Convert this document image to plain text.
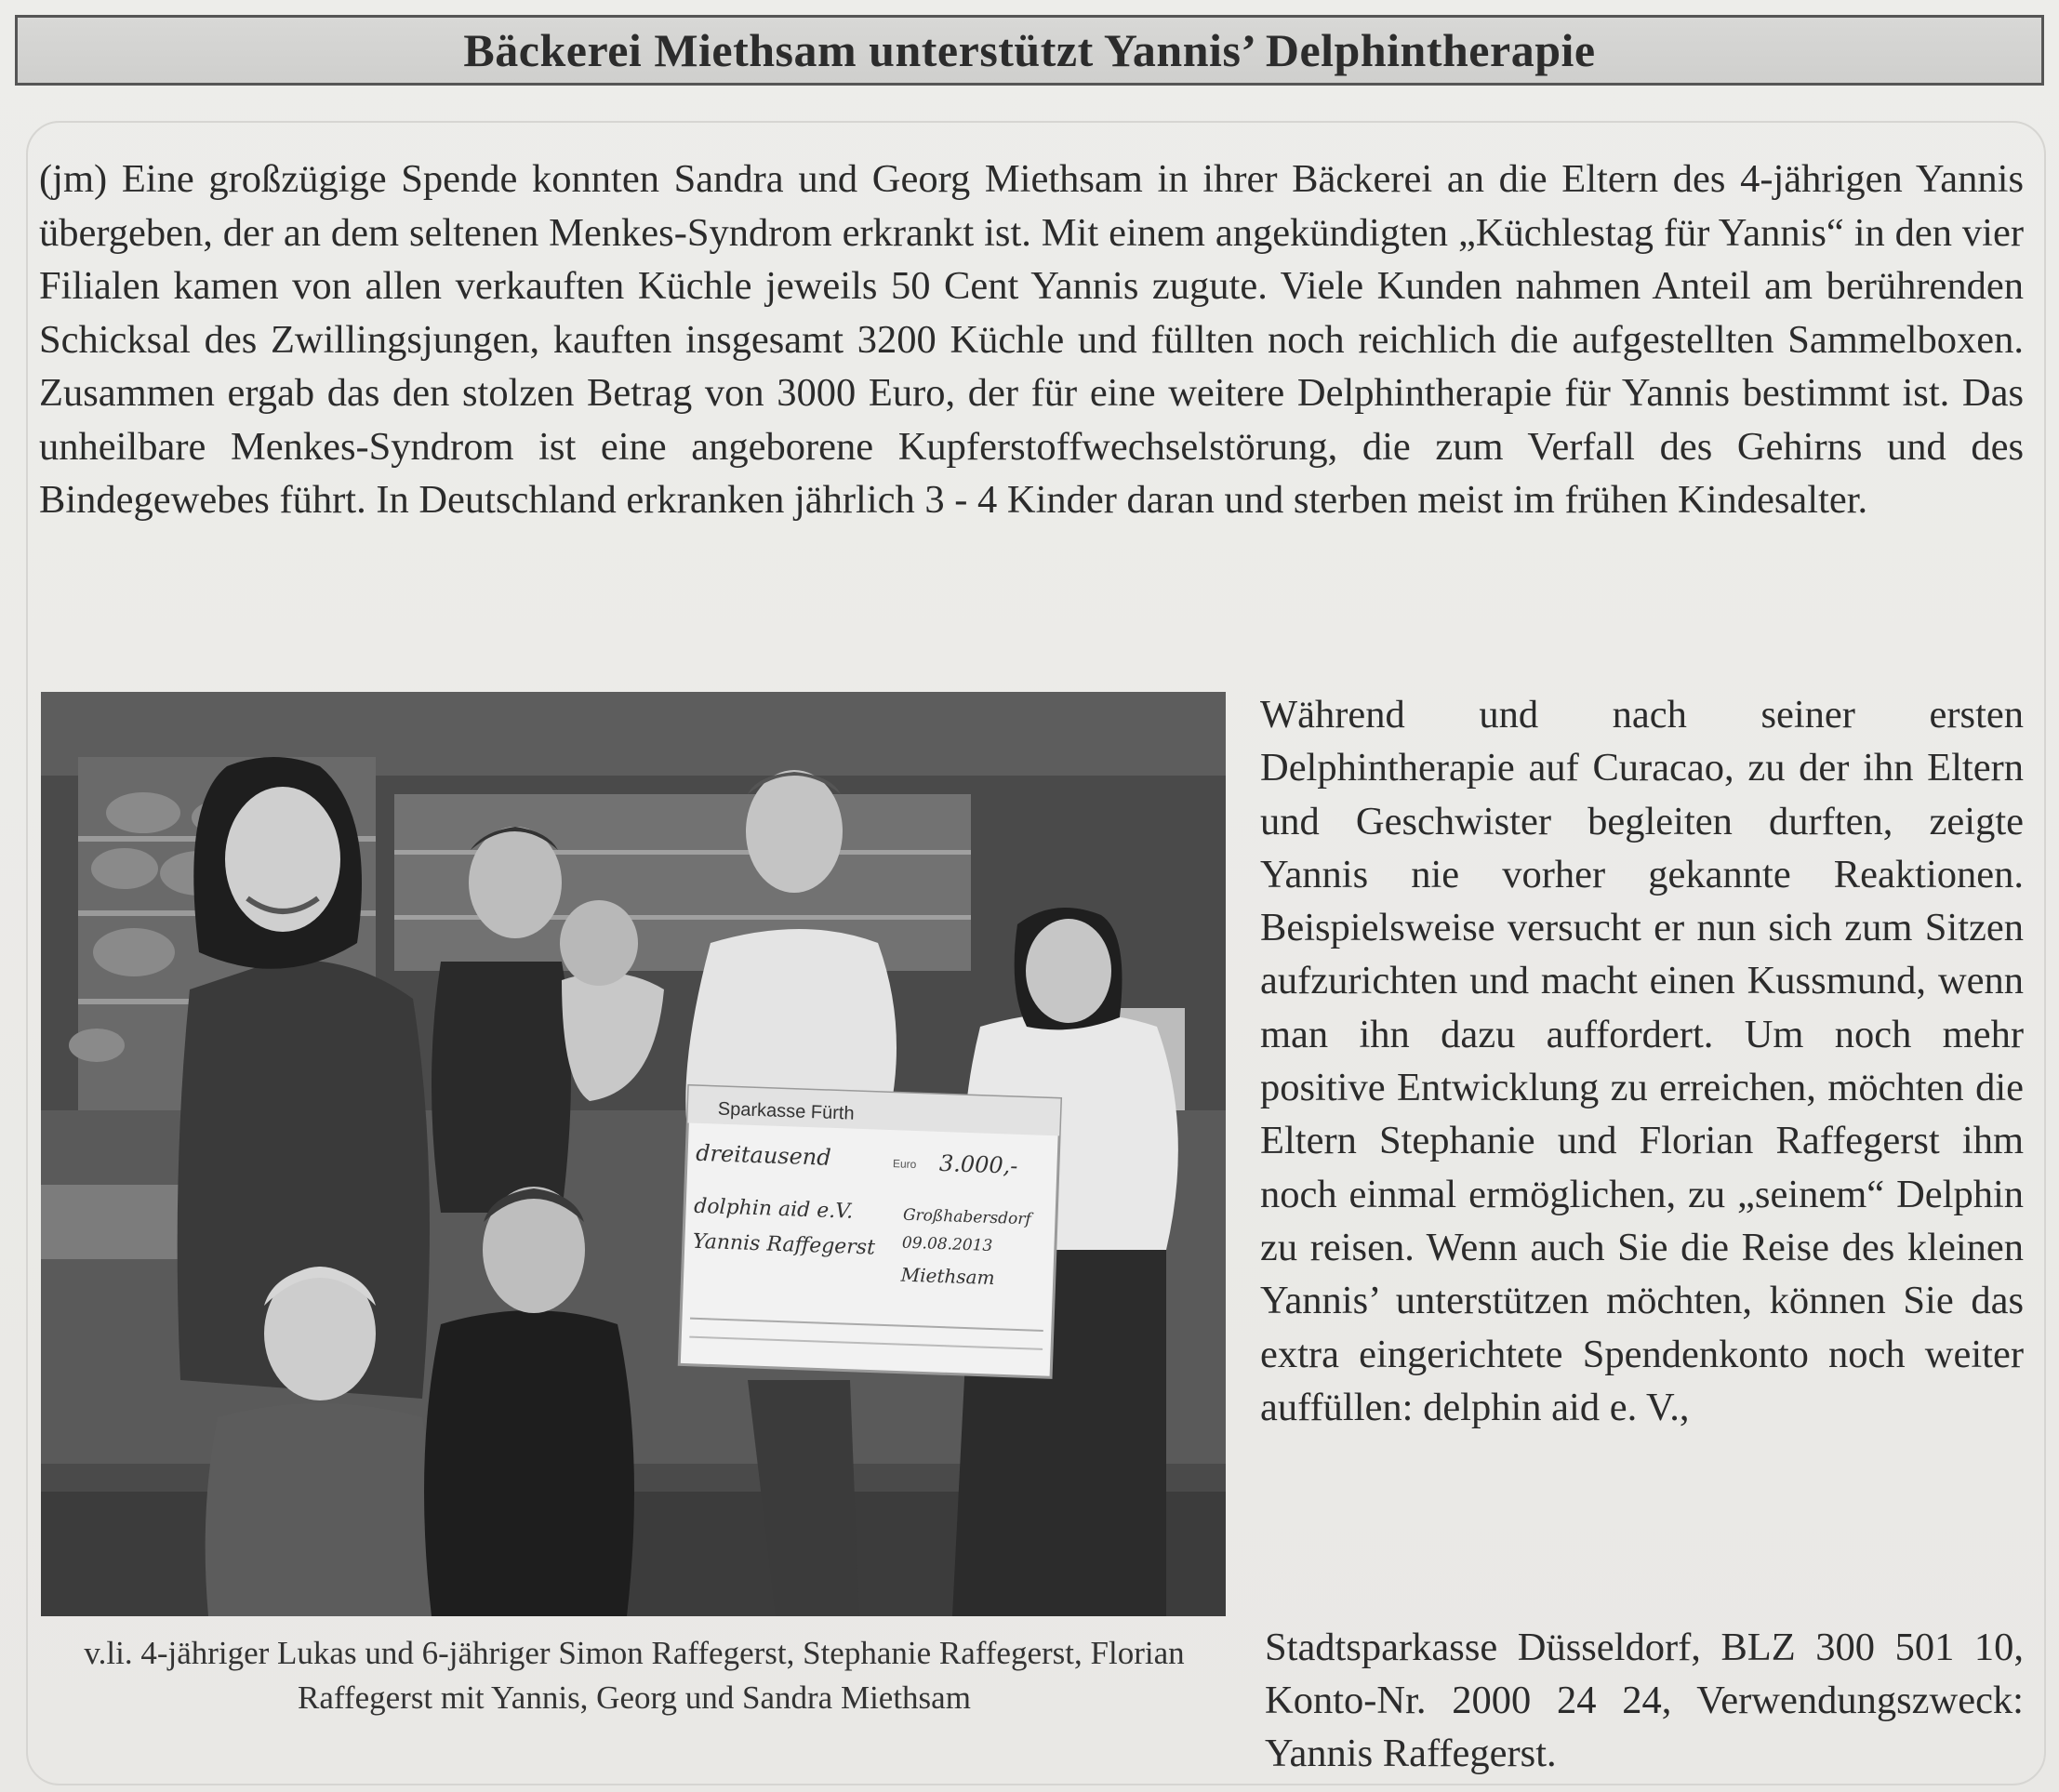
Bäckerei Miethsam unterstützt Yannis’ Delphintherapie

(jm) Eine großzügige Spende konnten Sandra und Georg Miethsam in ihrer Bäckerei an die Eltern des 4-jährigen Yannis übergeben, der an dem seltenen Menkes-Syndrom erkrankt ist. Mit einem angekündigten „Küchlestag für Yannis“ in den vier Filialen kamen von allen verkauften Küchle jeweils 50 Cent Yannis zugute. Viele Kunden nahmen Anteil am berührenden Schicksal des Zwillingsjungen, kauften insgesamt 3200 Küchle und füllten noch reichlich die aufgestellten Sammelboxen. Zusammen ergab das den stolzen Betrag von 3000 Euro, der für eine weitere Delphintherapie für Yannis bestimmt ist. Das unheilbare Menkes-Syndrom ist eine angeborene Kupferstoffwechselstörung, die zum Verfall des Gehirns und des Bindegewebes führt. In Deutschland erkranken jährlich 3 - 4 Kinder daran und sterben meist im frühen Kindesalter.

Sparkasse Fürth
dreitausend	Euro 3.000,-
dolphin aid e.V.
Yannis Raffegerst
Großhabersdorf
09.08.2013
Miethsam
v.li. 4-jähriger Lukas und 6-jähriger Simon Raffegerst, Stephanie Raffegerst, Florian Raffegerst mit Yannis, Georg und Sandra Miethsam

Während und nach seiner ersten Delphintherapie auf Curacao, zu der ihn Eltern und Geschwister begleiten durften, zeigte Yannis nie vorher gekannte Reaktionen. Beispielsweise versucht er nun sich zum Sitzen aufzurichten und macht einen Kussmund, wenn man ihn dazu auffordert. Um noch mehr positive Entwicklung zu erreichen, möchten die Eltern Stephanie und Florian Raffegerst ihm noch einmal ermöglichen, zu „seinem“ Delphin zu reisen. Wenn auch Sie die Reise des kleinen Yannis’ unterstützen möchten, können Sie das extra eingerichtete Spendenkonto noch weiter auffüllen: delphin aid e. V.,

Stadtsparkasse Düsseldorf, BLZ 300 501 10, Konto-Nr. 2000 24 24, Verwendungszweck: Yannis Raffegerst.
